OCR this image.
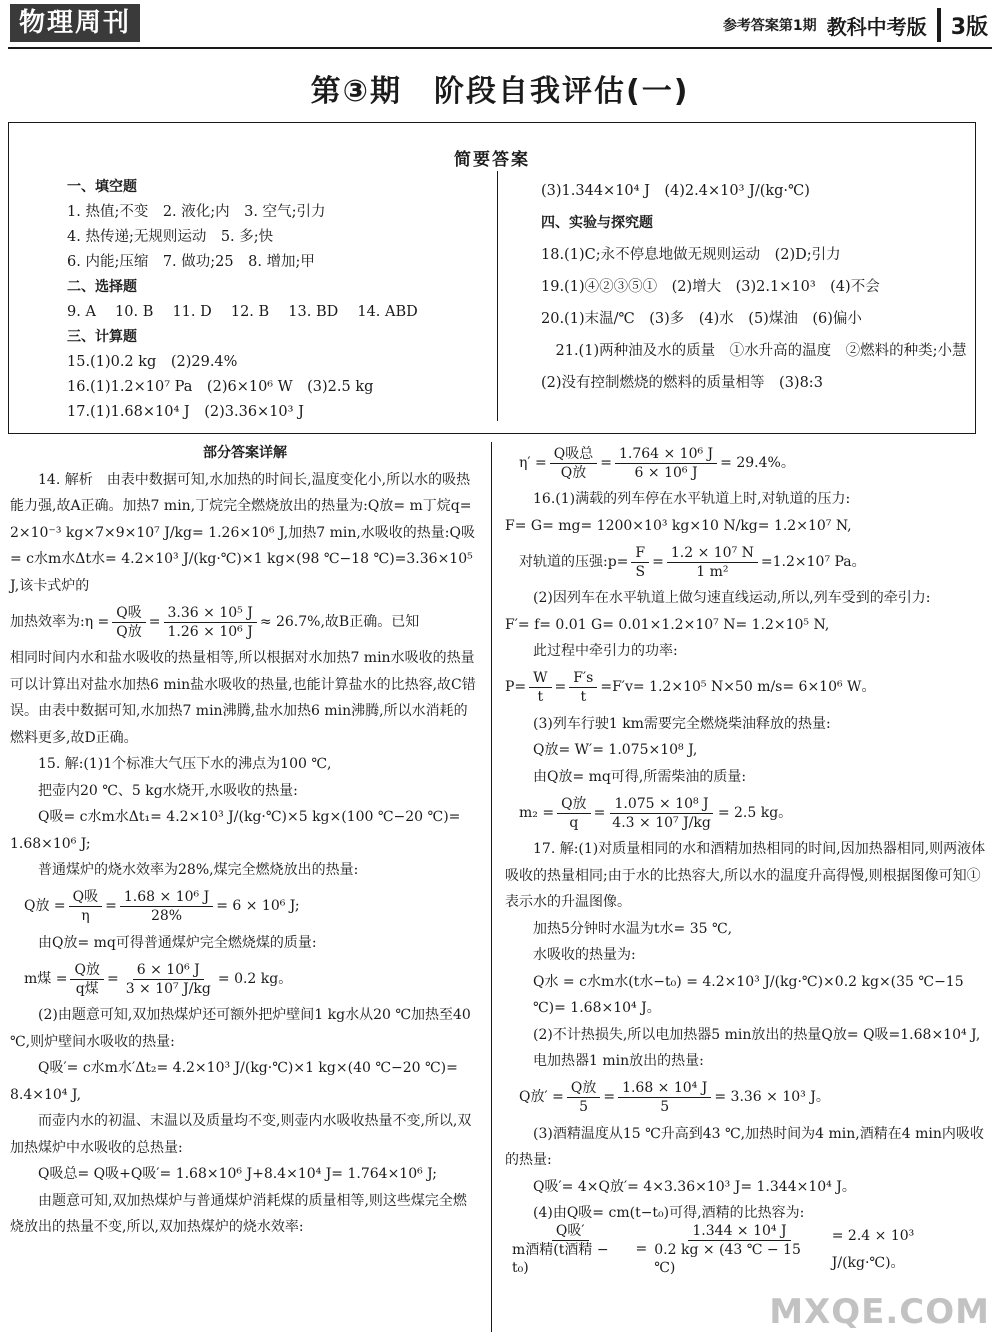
物理周刊	参考答案第1期 教科中考版 3版
第③期　阶段自我评估(一)
简要答案
一、填空题
1. 热值;不变　2. 液化;内　3. 空气;引力
4. 热传递;无规则运动　5. 多;快
6. 内能;压缩　7. 做功;25　8. 增加;甲
二、选择题
9. A　 10. B　 11. D　 12. B　 13. BD　 14. ABD
三、计算题
15.(1)0.2 kg　(2)29.4%
16.(1)1.2×10⁷ Pa　(2)6×10⁶ W　(3)2.5 kg
17.(1)1.68×10⁴ J　(2)3.36×10³ J
(3)1.344×10⁴ J　(4)2.4×10³ J/(kg·℃)
四、实验与探究题
18.(1)C;永不停息地做无规则运动　(2)D;引力
19.(1)④②③⑤①　(2)增大　(3)2.1×10³　(4)不会
20.(1)末温/℃　(3)多　(4)水　(5)煤油　(6)偏小
　21.(1)两种油及水的质量　①水升高的温度　②燃料的种类;小慧　(2)没有控制燃烧的燃料的质量相等　(3)8:3
部分答案详解

14. 解析　由表中数据可知,水加热的时间长,温度变化小,所以水的吸热能力强,故A正确。加热7 min,丁烷完全燃烧放出的热量为:Q放= m丁烷q= 2×10⁻³ kg×7×9×10⁷ J/kg= 1.26×10⁶ J,加热7 min,水吸收的热量:Q吸= c水m水Δt水= 4.2×10³ J/(kg·℃)×1 kg×(98 ℃−18 ℃)=3.36×10⁵ J,该卡式炉的

加热效率为:η = $\frac{\text{Q吸}}{\text{Q放}} = \frac{\text{3.36 × 10⁵ J}}{\text{1.26 × 10⁶ J}} \approx 26.7\%$,故B正确。已知

相同时间内水和盐水吸收的热量相等,所以根据对水加热7 min水吸收的热量可以计算出对盐水加热6 min盐水吸收的热量,也能计算盐水的比热容,故C错误。由表中数据可知,水加热7 min沸腾,盐水加热6 min沸腾,所以水消耗的燃料更多,故D正确。

15. 解:(1)1个标准大气压下水的沸点为100 ℃,

把壶内20 ℃、5 kg水烧开,水吸收的热量:

Q吸= c水m水Δt₁= 4.2×10³ J/(kg·℃)×5 kg×(100 ℃−20 ℃)=

1.68×10⁶ J;

普通煤炉的烧水效率为28%,煤完全燃烧放出的热量:

　Q放 = $\frac{\text{Q吸}}{\eta} = \frac{\text{1.68 × 10⁶ J}}{28\%} = 6 \times 10^6$ J;

由Q放= mq可得普通煤炉完全燃烧煤的质量:

　m煤 = $\frac{\text{Q放}}{\text{q煤}} = \frac{\text{6 × 10⁶ J}}{\text{3 × 10⁷ J/kg}} = 0.2$ kg。

(2)由题意可知,双加热煤炉还可额外把炉壁间1 kg水从20 ℃加热至40 ℃,则炉壁间水吸收的热量:

Q吸′= c水m水′Δt₂= 4.2×10³ J/(kg·℃)×1 kg×(40 ℃−20 ℃)=

8.4×10⁴ J,

而壶内水的初温、末温以及质量均不变,则壶内水吸收热量不变,所以,双加热煤炉中水吸收的总热量:

Q吸总= Q吸+Q吸′= 1.68×10⁶ J+8.4×10⁴ J= 1.764×10⁶ J;

由题意可知,双加热煤炉与普通煤炉消耗煤的质量相等,则这些煤完全燃烧放出的热量不变,所以,双加热煤炉的烧水效率:

　$\eta' = \frac{\text{Q吸总}}{\text{Q放}} = \frac{\text{1.764 × 10⁶ J}}{\text{6 × 10⁶ J}} = 29.4\%$。

16.(1)满载的列车停在水平轨道上时,对轨道的压力:

F= G= mg= 1200×10³ kg×10 N/kg= 1.2×10⁷ N,

　对轨道的压强:p= $\frac{F}{S} = \frac{\text{1.2 × 10⁷ N}}{\text{1 m²}} =1.2\times 10^7$ Pa。

(2)因列车在水平轨道上做匀速直线运动,所以,列车受到的牵引力:

F′= f= 0.01 G= 0.01×1.2×10⁷ N= 1.2×10⁵ N,

此过程中牵引力的功率:

$P= \frac{W}{t} = \frac{F's}{t} =F'v= 1.2\times 10^5$ N×50 m/s= 6×10⁶ W。

(3)列车行驶1 km需要完全燃烧柴油释放的热量:

Q放= W′= 1.075×10⁸ J,

由Q放= mq可得,所需柴油的质量:

　$m_2 = \frac{\text{Q放}}{q} = \frac{\text{1.075 × 10⁸ J}}{\text{4.3 × 10⁷ J/kg}} = 2.5$ kg。

17. 解:(1)对质量相同的水和酒精加热相同的时间,因加热器相同,则两液体吸收的热量相同;由于水的比热容大,所以水的温度升高得慢,则根据图像可知①表示水的升温图像。

加热5分钟时水温为t水= 35 ℃,

水吸收的热量为:

Q水 = c水m水(t水−t₀) = 4.2×10³ J/(kg·℃)×0.2 kg×(35 ℃−15 ℃)= 1.68×10⁴ J。

(2)不计热损失,所以电加热器5 min放出的热量Q放= Q吸=1.68×10⁴ J,

电加热器1 min放出的热量:

　Q放′ = $\frac{\text{Q放}}{5} = \frac{\text{1.68 × 10⁴ J}}{5} = 3.36 \times 10^3$ J。

(3)酒精温度从15 ℃升高到43 ℃,加热时间为4 min,酒精在4 min内吸收的热量:

Q吸′= 4×Q放′= 4×3.36×10³ J= 1.344×10⁴ J。

(4)由Q吸= cm(t−t₀)可得,酒精的比热容为:

$\frac{\text{Q吸′}}{\text{m酒精(t酒精 − t₀)}} = \frac{\text{1.344 × 10⁴ J}}{0.2 kg \times (43 ℃ - 15 ℃)} = 2.4 \times 10^3$ J/(kg·℃)。
MXQE.COM
